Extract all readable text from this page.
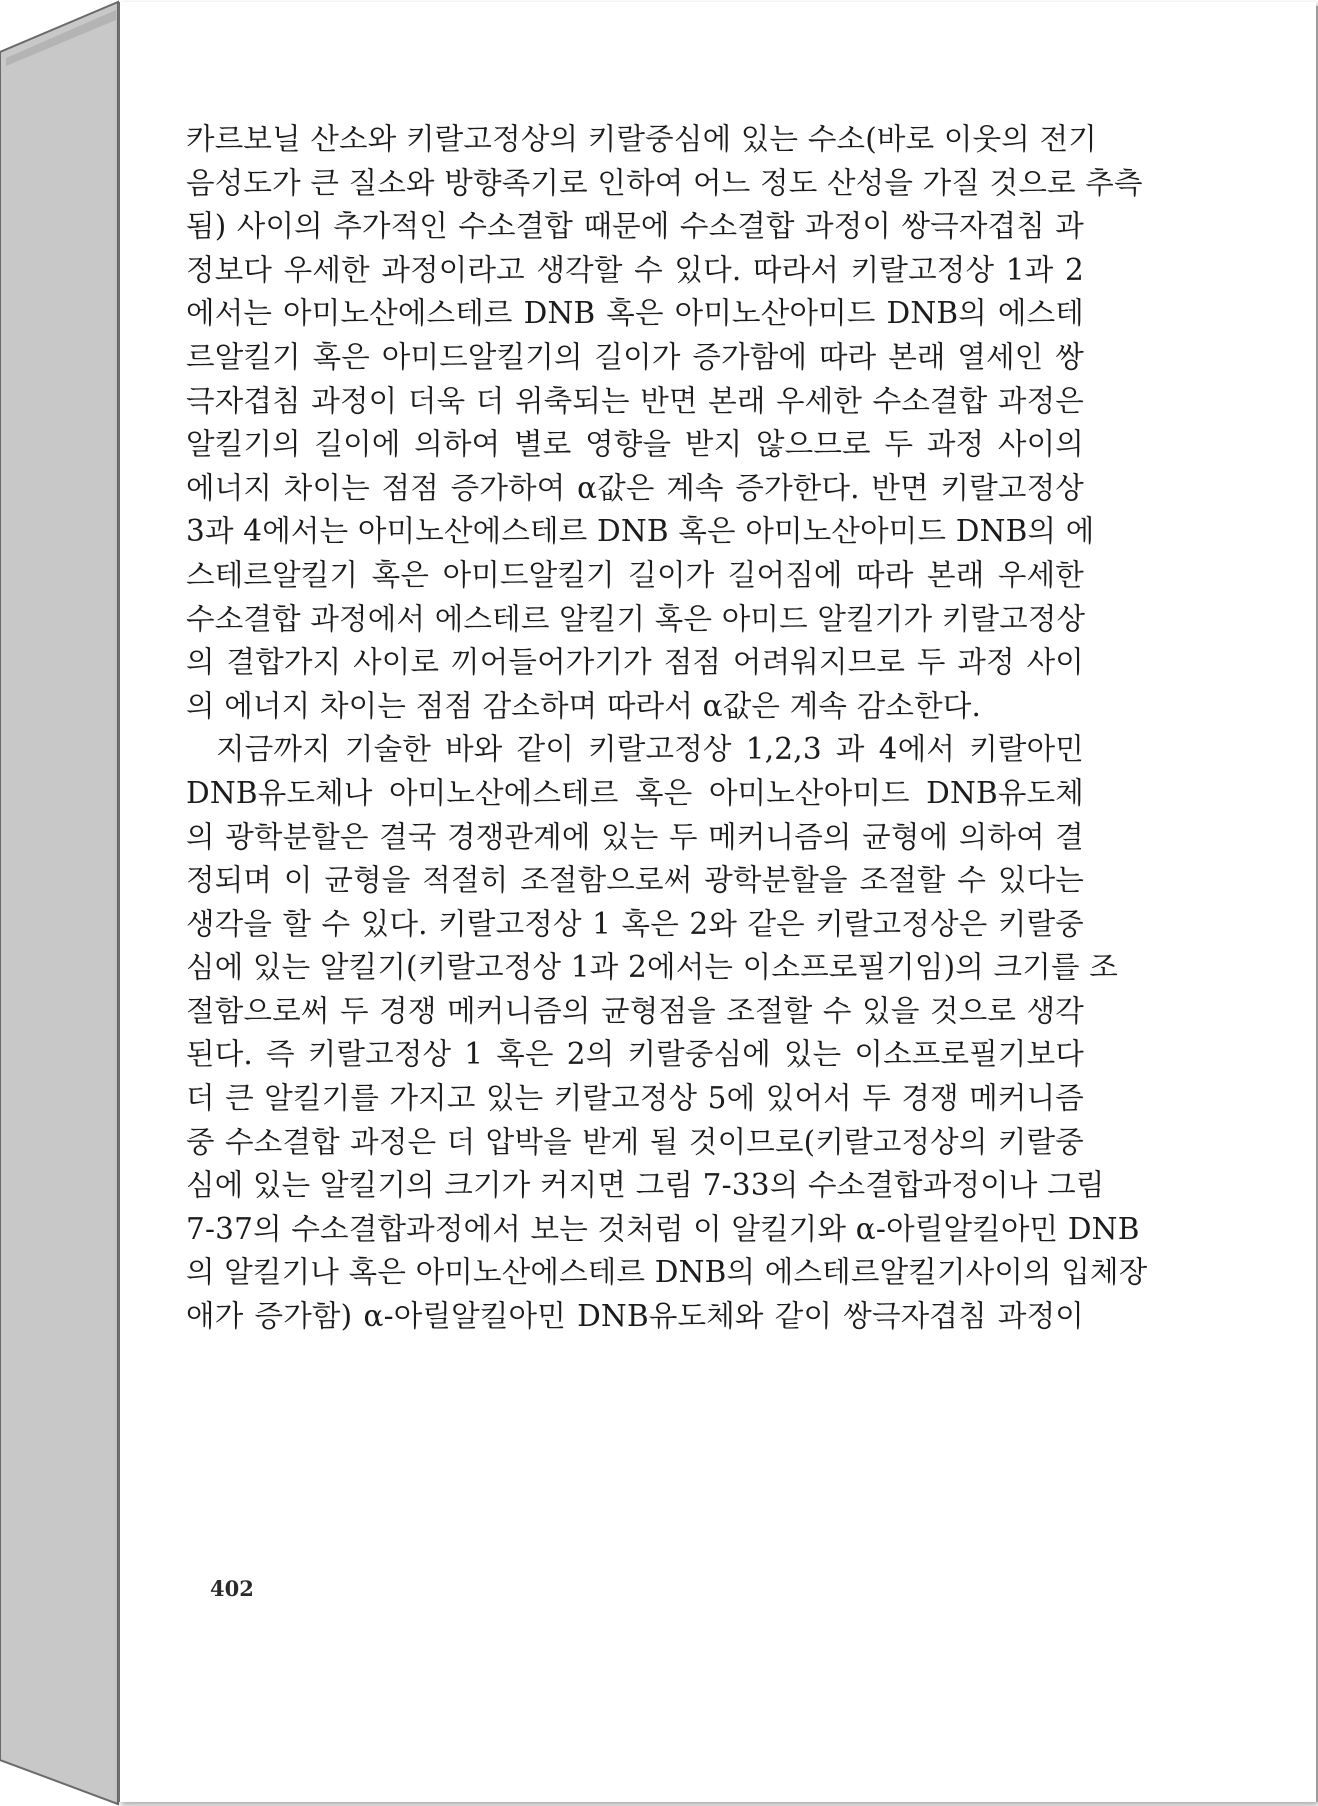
카르보닐 산소와 키랄고정상의 키랄중심에 있는 수소(바로 이웃의 전기
음성도가 큰 질소와 방향족기로 인하여 어느 정도 산성을 가질 것으로 추측
됨) 사이의 추가적인 수소결합 때문에 수소결합 과정이 쌍극자겹침 과
정보다 우세한 과정이라고 생각할 수 있다. 따라서 키랄고정상 1과 2
에서는 아미노산에스테르 DNB 혹은 아미노산아미드 DNB의 에스테
르알킬기 혹은 아미드알킬기의 길이가 증가함에 따라 본래 열세인 쌍
극자겹침 과정이 더욱 더 위축되는 반면 본래 우세한 수소결합 과정은
알킬기의 길이에 의하여 별로 영향을 받지 않으므로 두 과정 사이의
에너지 차이는 점점 증가하여 α값은 계속 증가한다. 반면 키랄고정상
3과 4에서는 아미노산에스테르 DNB 혹은 아미노산아미드 DNB의 에
스테르알킬기 혹은 아미드알킬기 길이가 길어짐에 따라 본래 우세한
수소결합 과정에서 에스테르 알킬기 혹은 아미드 알킬기가 키랄고정상
의 결합가지 사이로 끼어들어가기가 점점 어려워지므로 두 과정 사이
의 에너지 차이는 점점 감소하며 따라서 α값은 계속 감소한다.
지금까지 기술한 바와 같이 키랄고정상 1,2,3 과 4에서 키랄아민
DNB유도체나 아미노산에스테르 혹은 아미노산아미드 DNB유도체
의 광학분할은 결국 경쟁관계에 있는 두 메커니즘의 균형에 의하여 결
정되며 이 균형을 적절히 조절함으로써 광학분할을 조절할 수 있다는
생각을 할 수 있다. 키랄고정상 1 혹은 2와 같은 키랄고정상은 키랄중
심에 있는 알킬기(키랄고정상 1과 2에서는 이소프로필기임)의 크기를 조
절함으로써 두 경쟁 메커니즘의 균형점을 조절할 수 있을 것으로 생각
된다. 즉 키랄고정상 1 혹은 2의 키랄중심에 있는 이소프로필기보다
더 큰 알킬기를 가지고 있는 키랄고정상 5에 있어서 두 경쟁 메커니즘
중 수소결합 과정은 더 압박을 받게 될 것이므로(키랄고정상의 키랄중
심에 있는 알킬기의 크기가 커지면 그림 7-33의 수소결합과정이나 그림
7-37의 수소결합과정에서 보는 것처럼 이 알킬기와 α-아릴알킬아민 DNB
의 알킬기나 혹은 아미노산에스테르 DNB의 에스테르알킬기사이의 입체장
애가 증가함) α-아릴알킬아민 DNB유도체와 같이 쌍극자겹침 과정이
402
